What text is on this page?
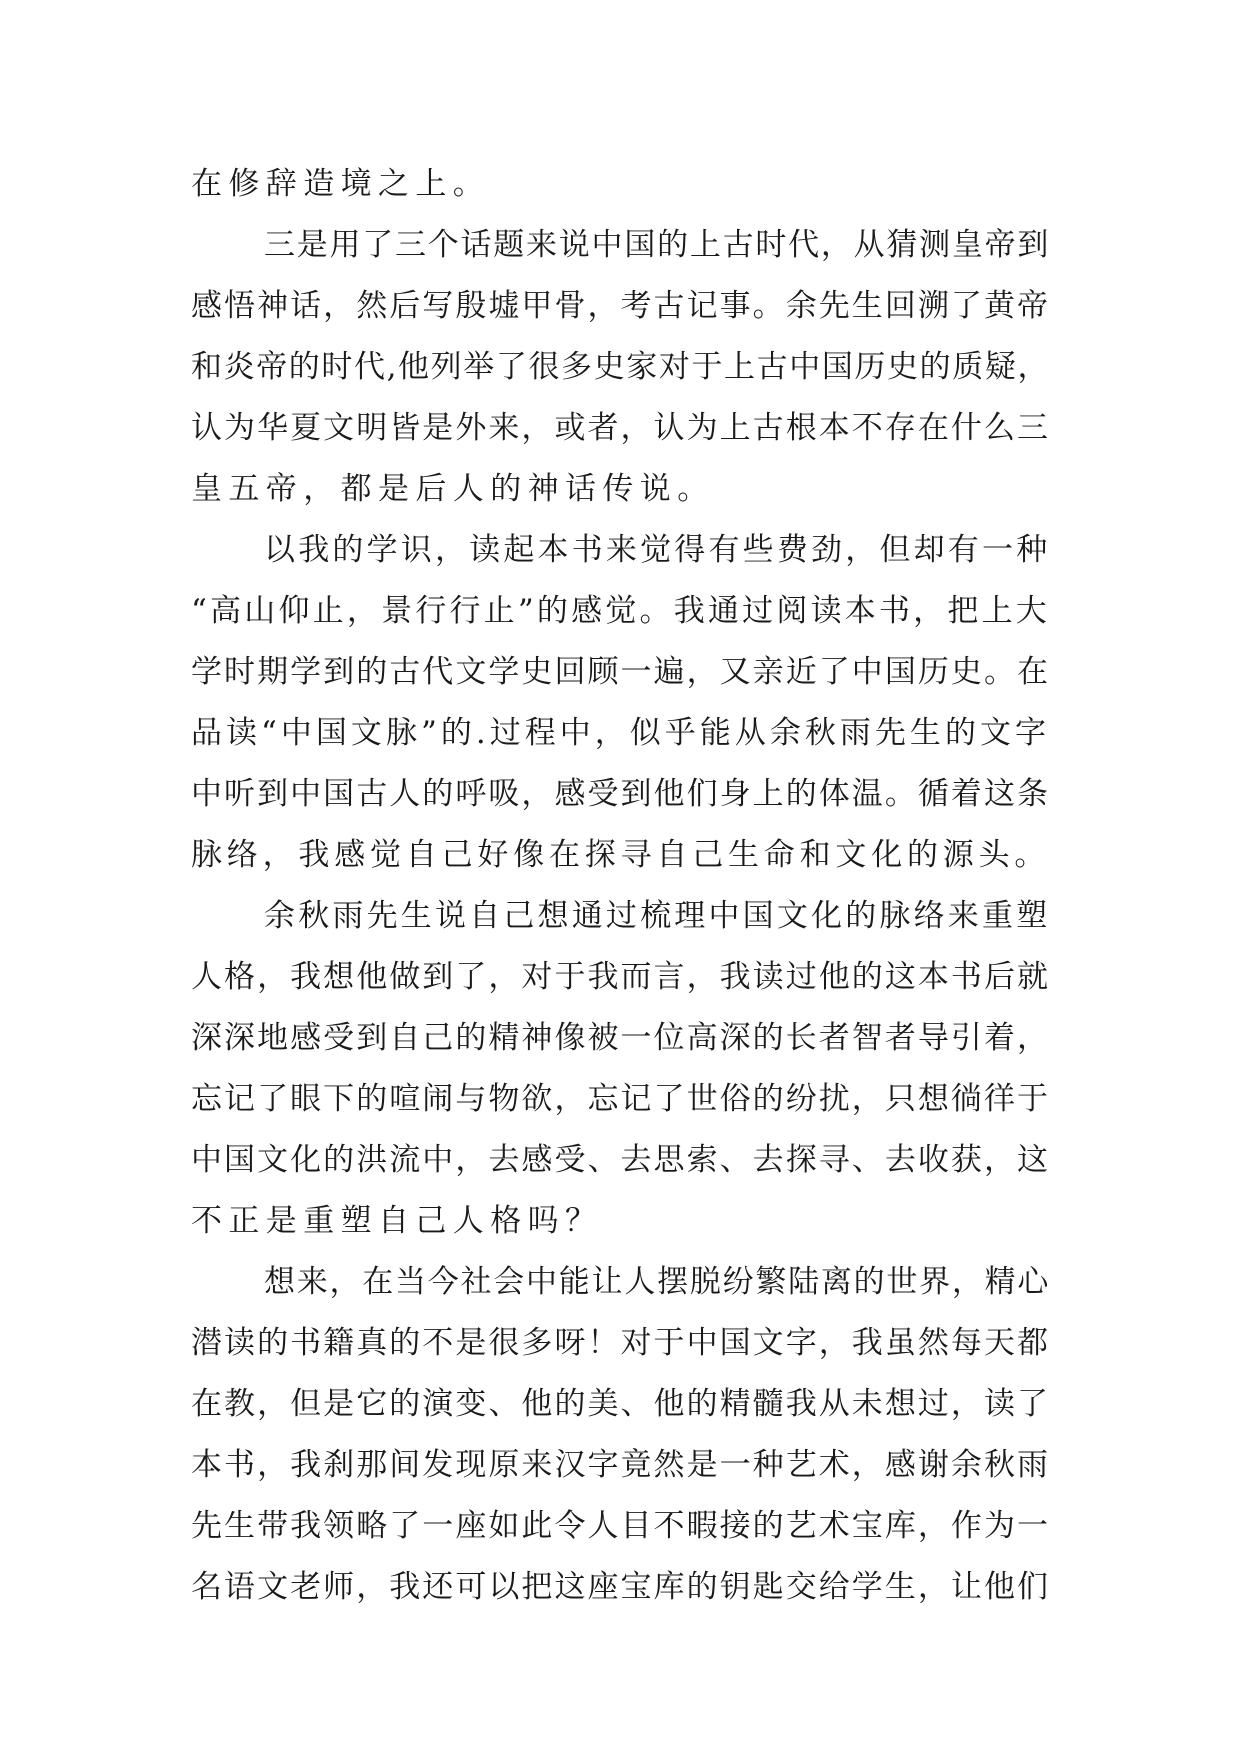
在修辞造境之上。
三是用了三个话题来说中国的上古时代，从猜测皇帝到
感悟神话，然后写殷墟甲骨，考古记事。余先生回溯了黄帝
和炎帝的时代,他列举了很多史家对于上古中国历史的质疑，
认为华夏文明皆是外来，或者，认为上古根本不存在什么三
皇五帝，都是后人的神话传说。
以我的学识，读起本书来觉得有些费劲，但却有一种
“高山仰止，景行行止”的感觉。我通过阅读本书，把上大
学时期学到的古代文学史回顾一遍，又亲近了中国历史。在
品读“中国文脉”的.过程中，似乎能从余秋雨先生的文字
中听到中国古人的呼吸，感受到他们身上的体温。循着这条
脉络，我感觉自己好像在探寻自己生命和文化的源头。
余秋雨先生说自己想通过梳理中国文化的脉络来重塑
人格，我想他做到了，对于我而言，我读过他的这本书后就
深深地感受到自己的精神像被一位高深的长者智者导引着，
忘记了眼下的喧闹与物欲，忘记了世俗的纷扰，只想徜徉于
中国文化的洪流中，去感受、去思索、去探寻、去收获，这
不正是重塑自己人格吗？
想来，在当今社会中能让人摆脱纷繁陆离的世界，精心
潜读的书籍真的不是很多呀！对于中国文字，我虽然每天都
在教，但是它的演变、他的美、他的精髓我从未想过，读了
本书，我刹那间发现原来汉字竟然是一种艺术，感谢余秋雨
先生带我领略了一座如此令人目不暇接的艺术宝库，作为一
名语文老师，我还可以把这座宝库的钥匙交给学生，让他们
